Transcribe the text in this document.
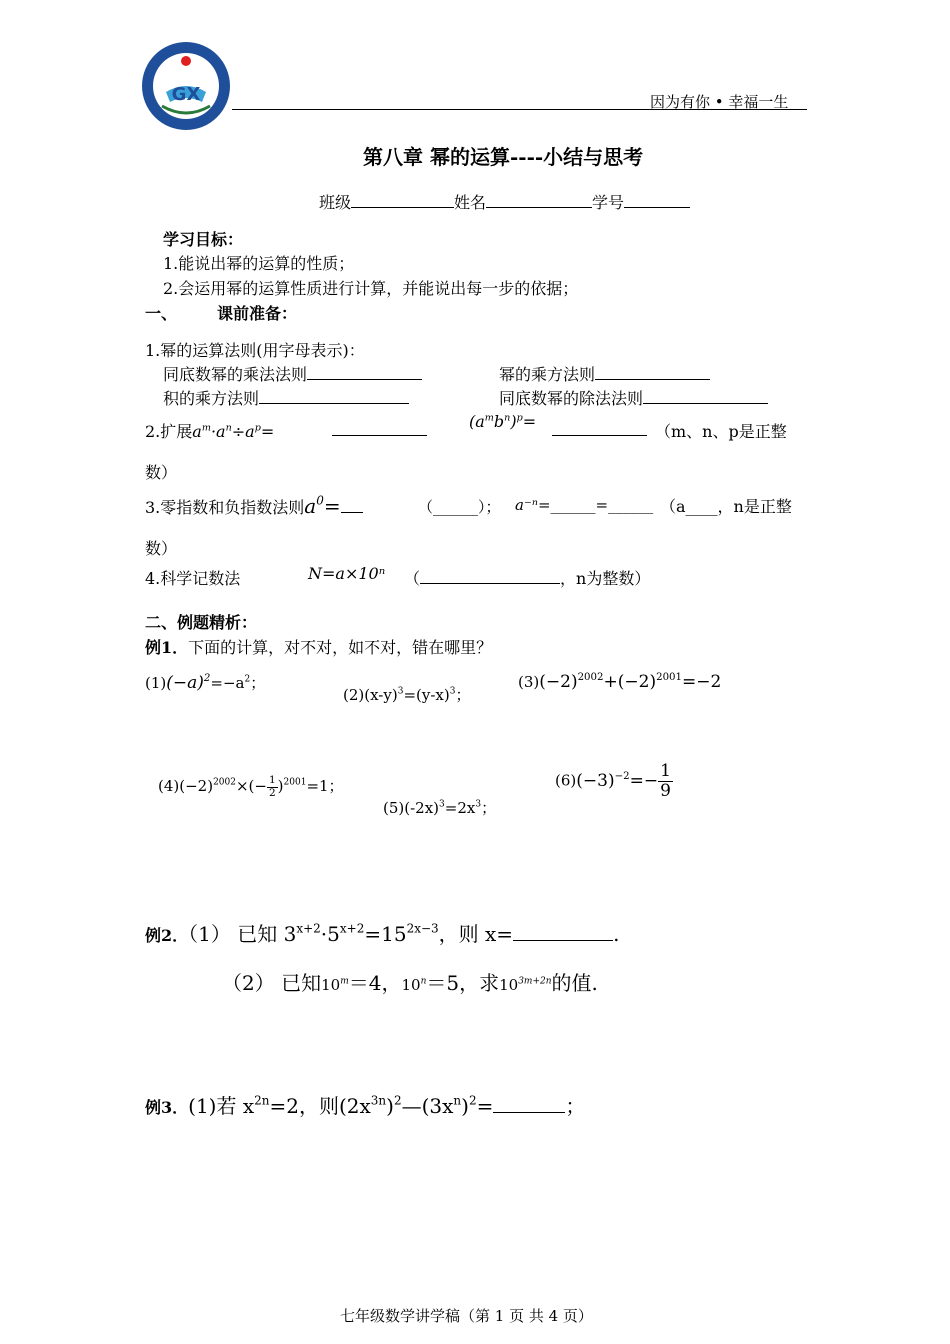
GX	因为有你 • 幸福一生
第八章 幂的运算----小结与思考
班级	姓名	学号
学习目标：
1.能说出幂的运算的性质；
2.会运用幂的运算性质进行计算，并能说出每一步的依据；
一、	课前准备：
1.幂的运算法则(用字母表示)：
同底数幂的乘法法则	幂的乘方法则
积的乘方法则	同底数幂的除法法则
2.扩展$a^m\cdot a^n\div a^p=$
$(a^mb^n)^p=$
（m、n、p是正整
数）
3.零指数和负指数法则$a^0=$	（______）； a⁻ⁿ=______=______ （a____，n是正整
数）
4.科学记数法	N=a×10ⁿ （	，n为整数）
二、例题精析：
例1．下面的计算，对不对，如不对，错在哪里？
$(1)(-a)^2=-a^2$；
$(2)(x-y)^3=(y-x)^3$；
$(3)(-2)^{2002}+(-2)^{2001}=-2$
$(4)(-2)^{2002}\times(- \frac{1}{2} )^{2001}=1$；
$(5)(-2x)^3=2x^3$；
$(6)(-3)^{-2}=- \frac{1}{9}$
例2．（1） 已知 $3^{x+2}\cdot 5^{x+2}=15^{2x-3}$，则 x=	.
（2） 已知$10^m=4$，$10^n=5$，求$10^{3m+2n}$的值.
例3．(1)若 $x^{2n}=2$，则$(2x^{3n})^2—(3x^n)^2=$	；
七年级数学讲学稿（第 1 页 共 4 页）
